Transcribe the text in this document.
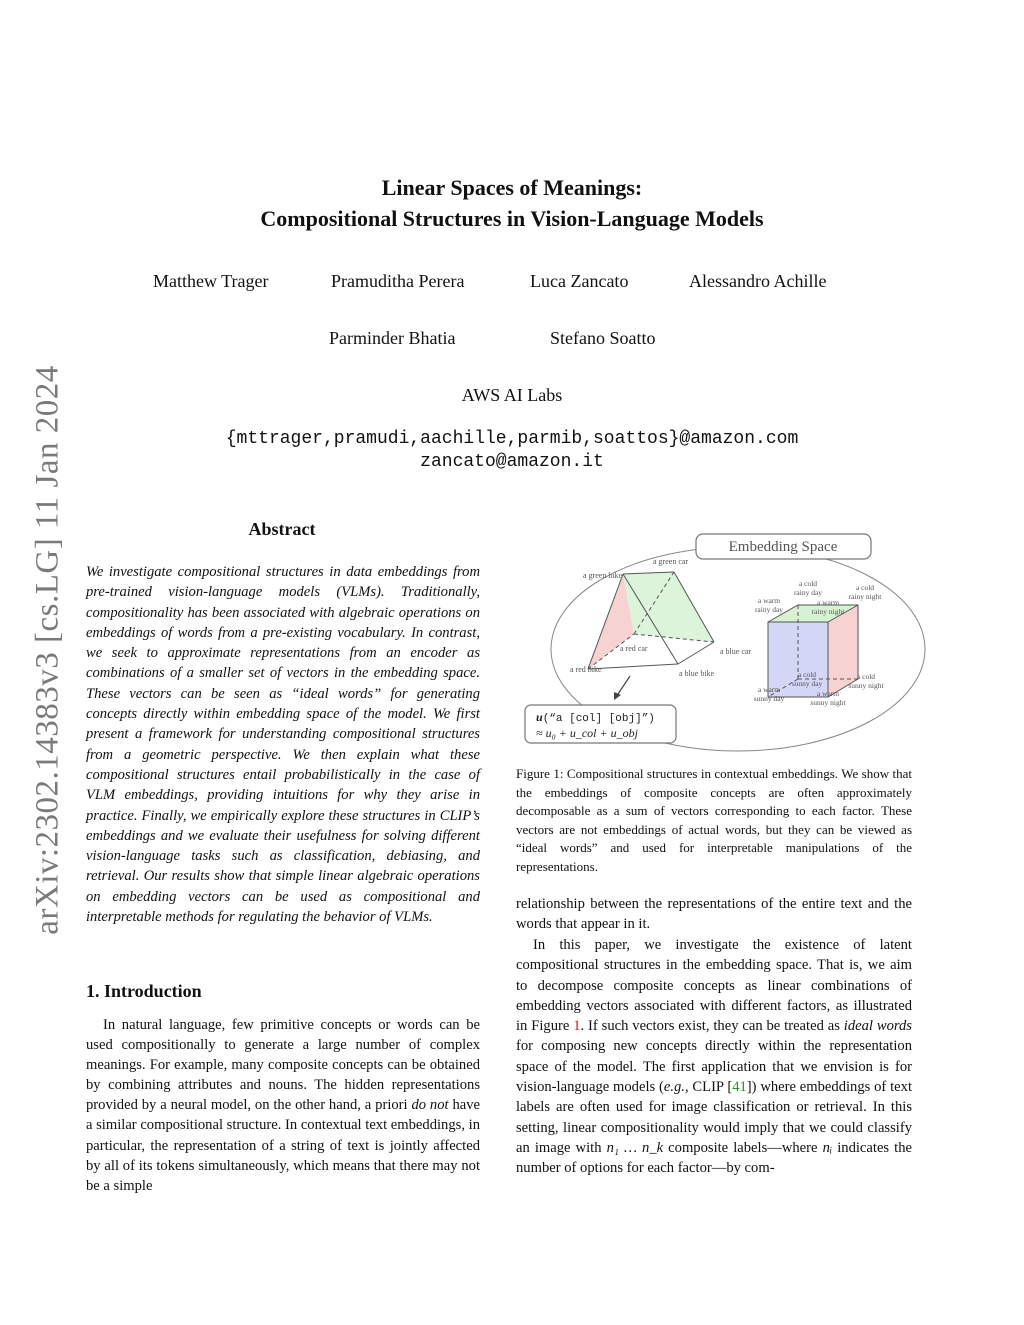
arXiv:2302.14383v3 [cs.LG] 11 Jan 2024
Linear Spaces of Meanings:
Compositional Structures in Vision-Language Models
Matthew Trager	Pramuditha Perera	Luca Zancato	Alessandro Achille
Parminder Bhatia	Stefano Soatto
AWS AI Labs
{mttrager,pramudi,aachille,parmib,soattos}@amazon.com
zancato@amazon.it
Abstract
We investigate compositional structures in data embeddings from pre-trained vision-language models (VLMs). Traditionally, compositionality has been associated with algebraic operations on embeddings of words from a pre-existing vocabulary. In contrast, we seek to approximate representations from an encoder as combinations of a smaller set of vectors in the embedding space. These vectors can be seen as “ideal words” for generating concepts directly within embedding space of the model. We first present a framework for understanding compositional structures from a geometric perspective. We then explain what these compositional structures entail probabilistically in the case of VLM embeddings, providing intuitions for why they arise in practice. Finally, we empirically explore these structures in CLIP’s embeddings and we evaluate their usefulness for solving different vision-language tasks such as classification, debiasing, and retrieval. Our results show that simple linear algebraic operations on embedding vectors can be used as compositional and interpretable methods for regulating the behavior of VLMs.
1. Introduction
In natural language, few primitive concepts or words can be used compositionally to generate a large number of complex meanings. For example, many composite concepts can be obtained by combining attributes and nouns. The hidden representations provided by a neural model, on the other hand, a priori do not have a similar compositional structure. In contextual text embeddings, in particular, the representation of a string of text is jointly affected by all of its tokens simultaneously, which means that there may not be a simple
Embedding Space
a green car
a green bike
a red car
a red bike	a blue bike
a blue car
a cold rainy day
a cold rainy night
a warm rainy day
a warm rainy night
a cold sunny day
a cold sunny night
a warm sunny day
a warm sunny night
u(“a [col] [obj]”)
≈ u₀ + u_col + u_obj
Figure 1: Compositional structures in contextual embeddings. We show that the embeddings of composite concepts are often approximately decomposable as a sum of vectors corresponding to each factor. These vectors are not embeddings of actual words, but they can be viewed as “ideal words” and used for interpretable manipulations of the representations.
relationship between the representations of the entire text and the words that appear in it.
In this paper, we investigate the existence of latent compositional structures in the embedding space. That is, we aim to decompose composite concepts as linear combinations of embedding vectors associated with different factors, as illustrated in Figure 1. If such vectors exist, they can be treated as ideal words for composing new concepts directly within the representation space of the model. The first application that we envision is for vision-language models (e.g., CLIP [41]) where embeddings of text labels are often used for image classification or retrieval. In this setting, linear compositionality would imply that we could classify an image with n₁ … n_k composite labels—where nᵢ indicates the number of options for each factor—by com-
